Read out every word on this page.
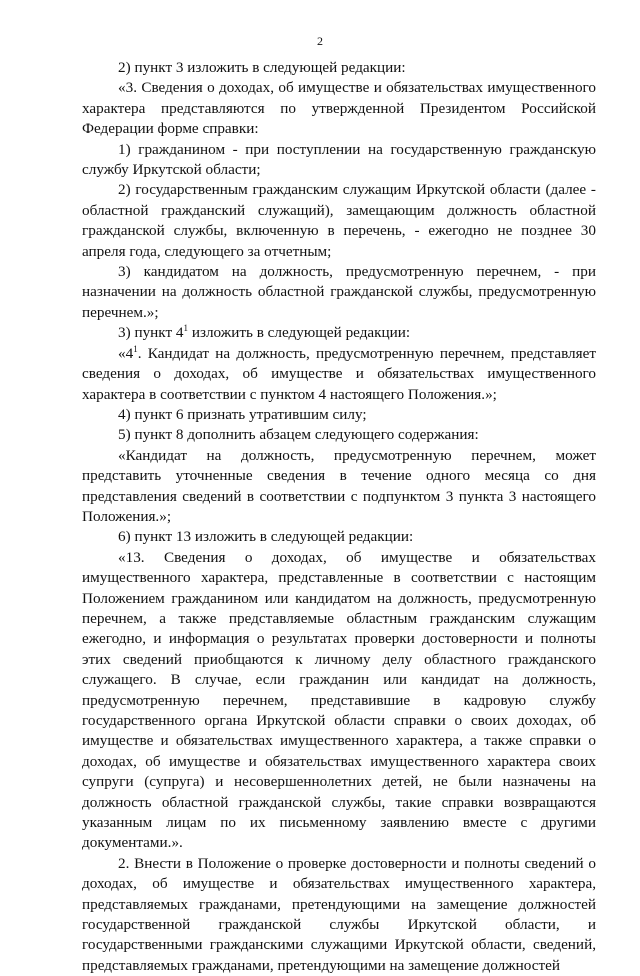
2

2) пункт 3 изложить в следующей редакции:

«3. Сведения о доходах, об имуществе и обязательствах имущественного характера представляются по утвержденной Президентом Российской Федерации форме справки:

1) гражданином - при поступлении на государственную гражданскую службу Иркутской области;

2) государственным гражданским служащим Иркутской области (далее - областной гражданский служащий), замещающим должность областной гражданской службы, включенную в перечень, - ежегодно не позднее 30 апреля года, следующего за отчетным;

3) кандидатом на должность, предусмотренную перечнем, - при назначении на должность областной гражданской службы, предусмотренную перечнем.»;

3) пункт $4^1$ изложить в следующей редакции:

«$4^1$. Кандидат на должность, предусмотренную перечнем, представляет сведения о доходах, об имуществе и обязательствах имущественного характера в соответствии с пунктом 4 настоящего Положения.»;

4) пункт 6 признать утратившим силу;

5) пункт 8 дополнить абзацем следующего содержания:

«Кандидат на должность, предусмотренную перечнем, может представить уточненные сведения в течение одного месяца со дня представления сведений в соответствии с подпунктом 3 пункта 3 настоящего Положения.»;

6) пункт 13 изложить в следующей редакции:

«13. Сведения о доходах, об имуществе и обязательствах имущественного характера, представленные в соответствии с настоящим Положением гражданином или кандидатом на должность, предусмотренную перечнем, а также представляемые областным гражданским служащим ежегодно, и информация о результатах проверки достоверности и полноты этих сведений приобщаются к личному делу областного гражданского служащего. В случае, если гражданин или кандидат на должность, предусмотренную перечнем, представившие в кадровую службу государственного органа Иркутской области справки о своих доходах, об имуществе и обязательствах имущественного характера, а также справки о доходах, об имуществе и обязательствах имущественного характера своих супруги (супруга) и несовершеннолетних детей, не были назначены на должность областной гражданской службы, такие справки возвращаются указанным лицам по их письменному заявлению вместе с другими документами.».

2. Внести в Положение о проверке достоверности и полноты сведений о доходах, об имуществе и обязательствах имущественного характера, представляемых гражданами, претендующими на замещение должностей государственной гражданской службы Иркутской области, и государственными гражданскими служащими Иркутской области, сведений, представляемых гражданами, претендующими на замещение должностей
